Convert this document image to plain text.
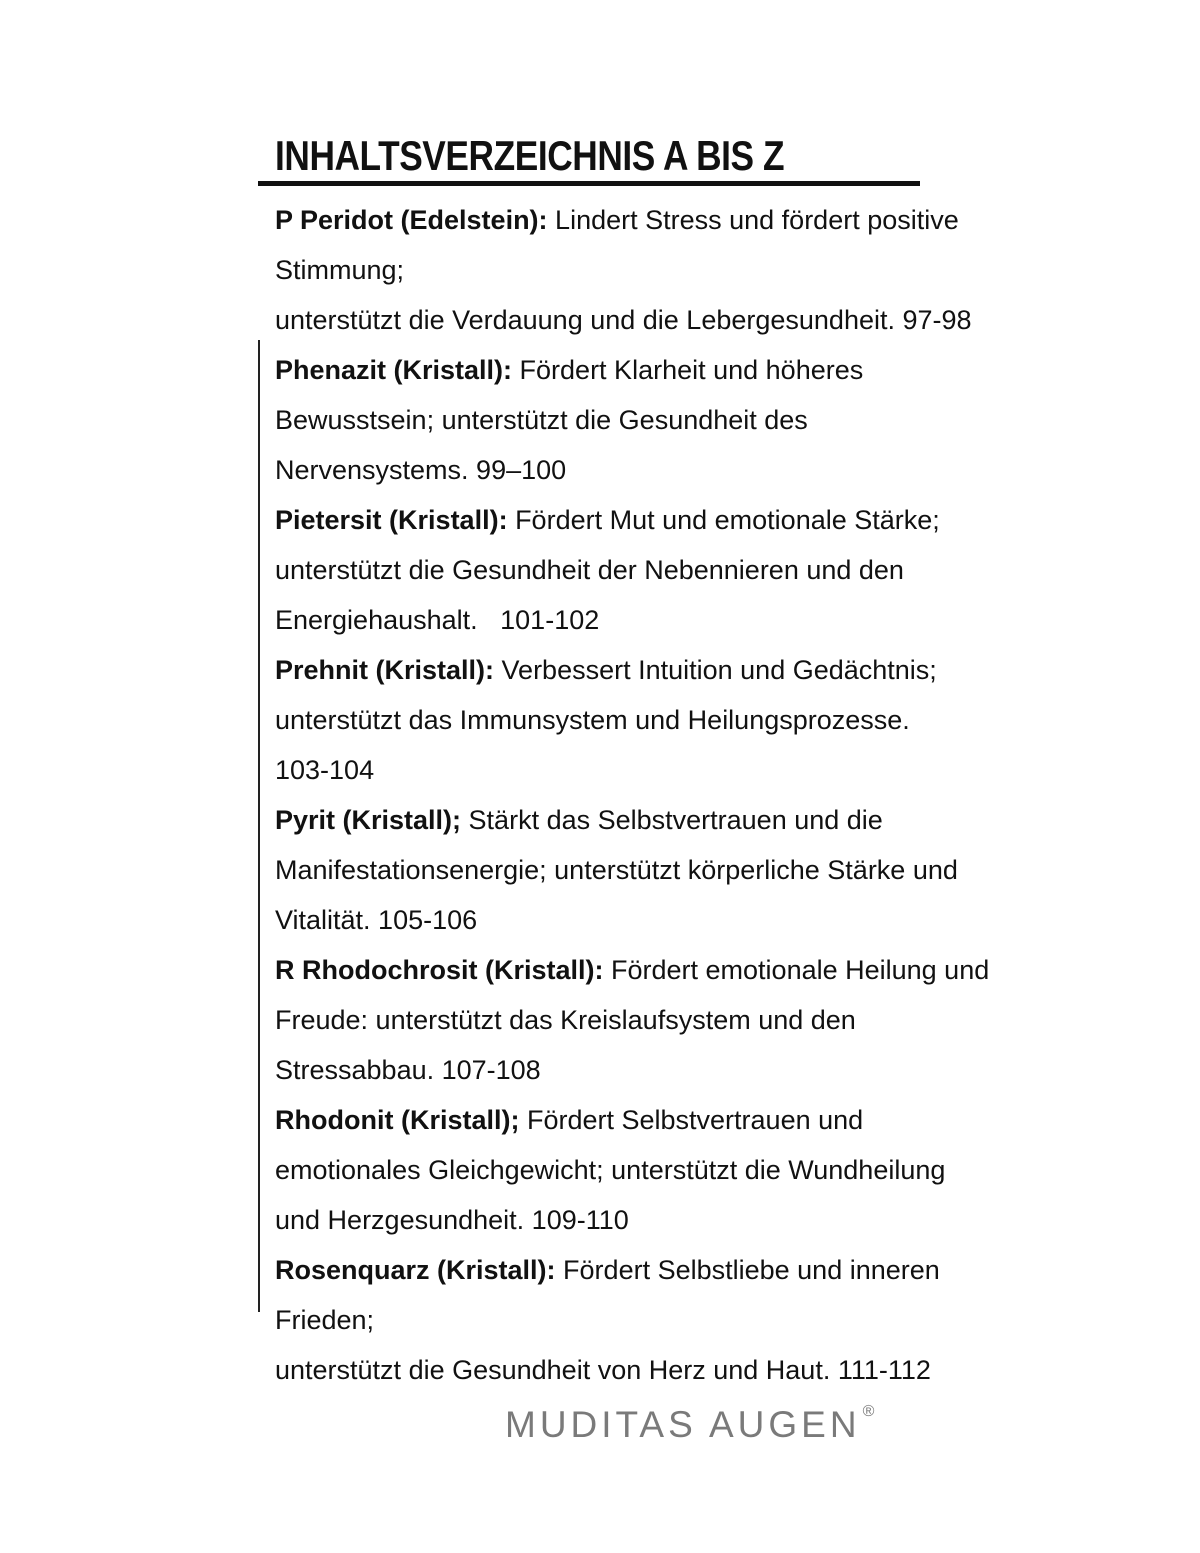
INHALTSVERZEICHNIS A BIS Z
P Peridot (Edelstein): Lindert Stress und fördert positive
Stimmung;
unterstützt die Verdauung und die Lebergesundheit. 97-98
Phenazit (Kristall): Fördert Klarheit und höheres
Bewusstsein; unterstützt die Gesundheit des
Nervensystems. 99–100
Pietersit (Kristall): Fördert Mut und emotionale Stärke;
unterstützt die Gesundheit der Nebennieren und den
Energiehaushalt.   101-102
Prehnit (Kristall): Verbessert Intuition und Gedächtnis;
unterstützt das Immunsystem und Heilungsprozesse.
103-104
Pyrit (Kristall); Stärkt das Selbstvertrauen und die
Manifestationsenergie; unterstützt körperliche Stärke und
Vitalität. 105-106
R Rhodochrosit (Kristall): Fördert emotionale Heilung und
Freude: unterstützt das Kreislaufsystem und den
Stressabbau. 107-108
Rhodonit (Kristall); Fördert Selbstvertrauen und
emotionales Gleichgewicht; unterstützt die Wundheilung
und Herzgesundheit. 109-110
Rosenquarz (Kristall): Fördert Selbstliebe und inneren
Frieden;
unterstützt die Gesundheit von Herz und Haut. 111-112
MUDITAS AUGEN ®
